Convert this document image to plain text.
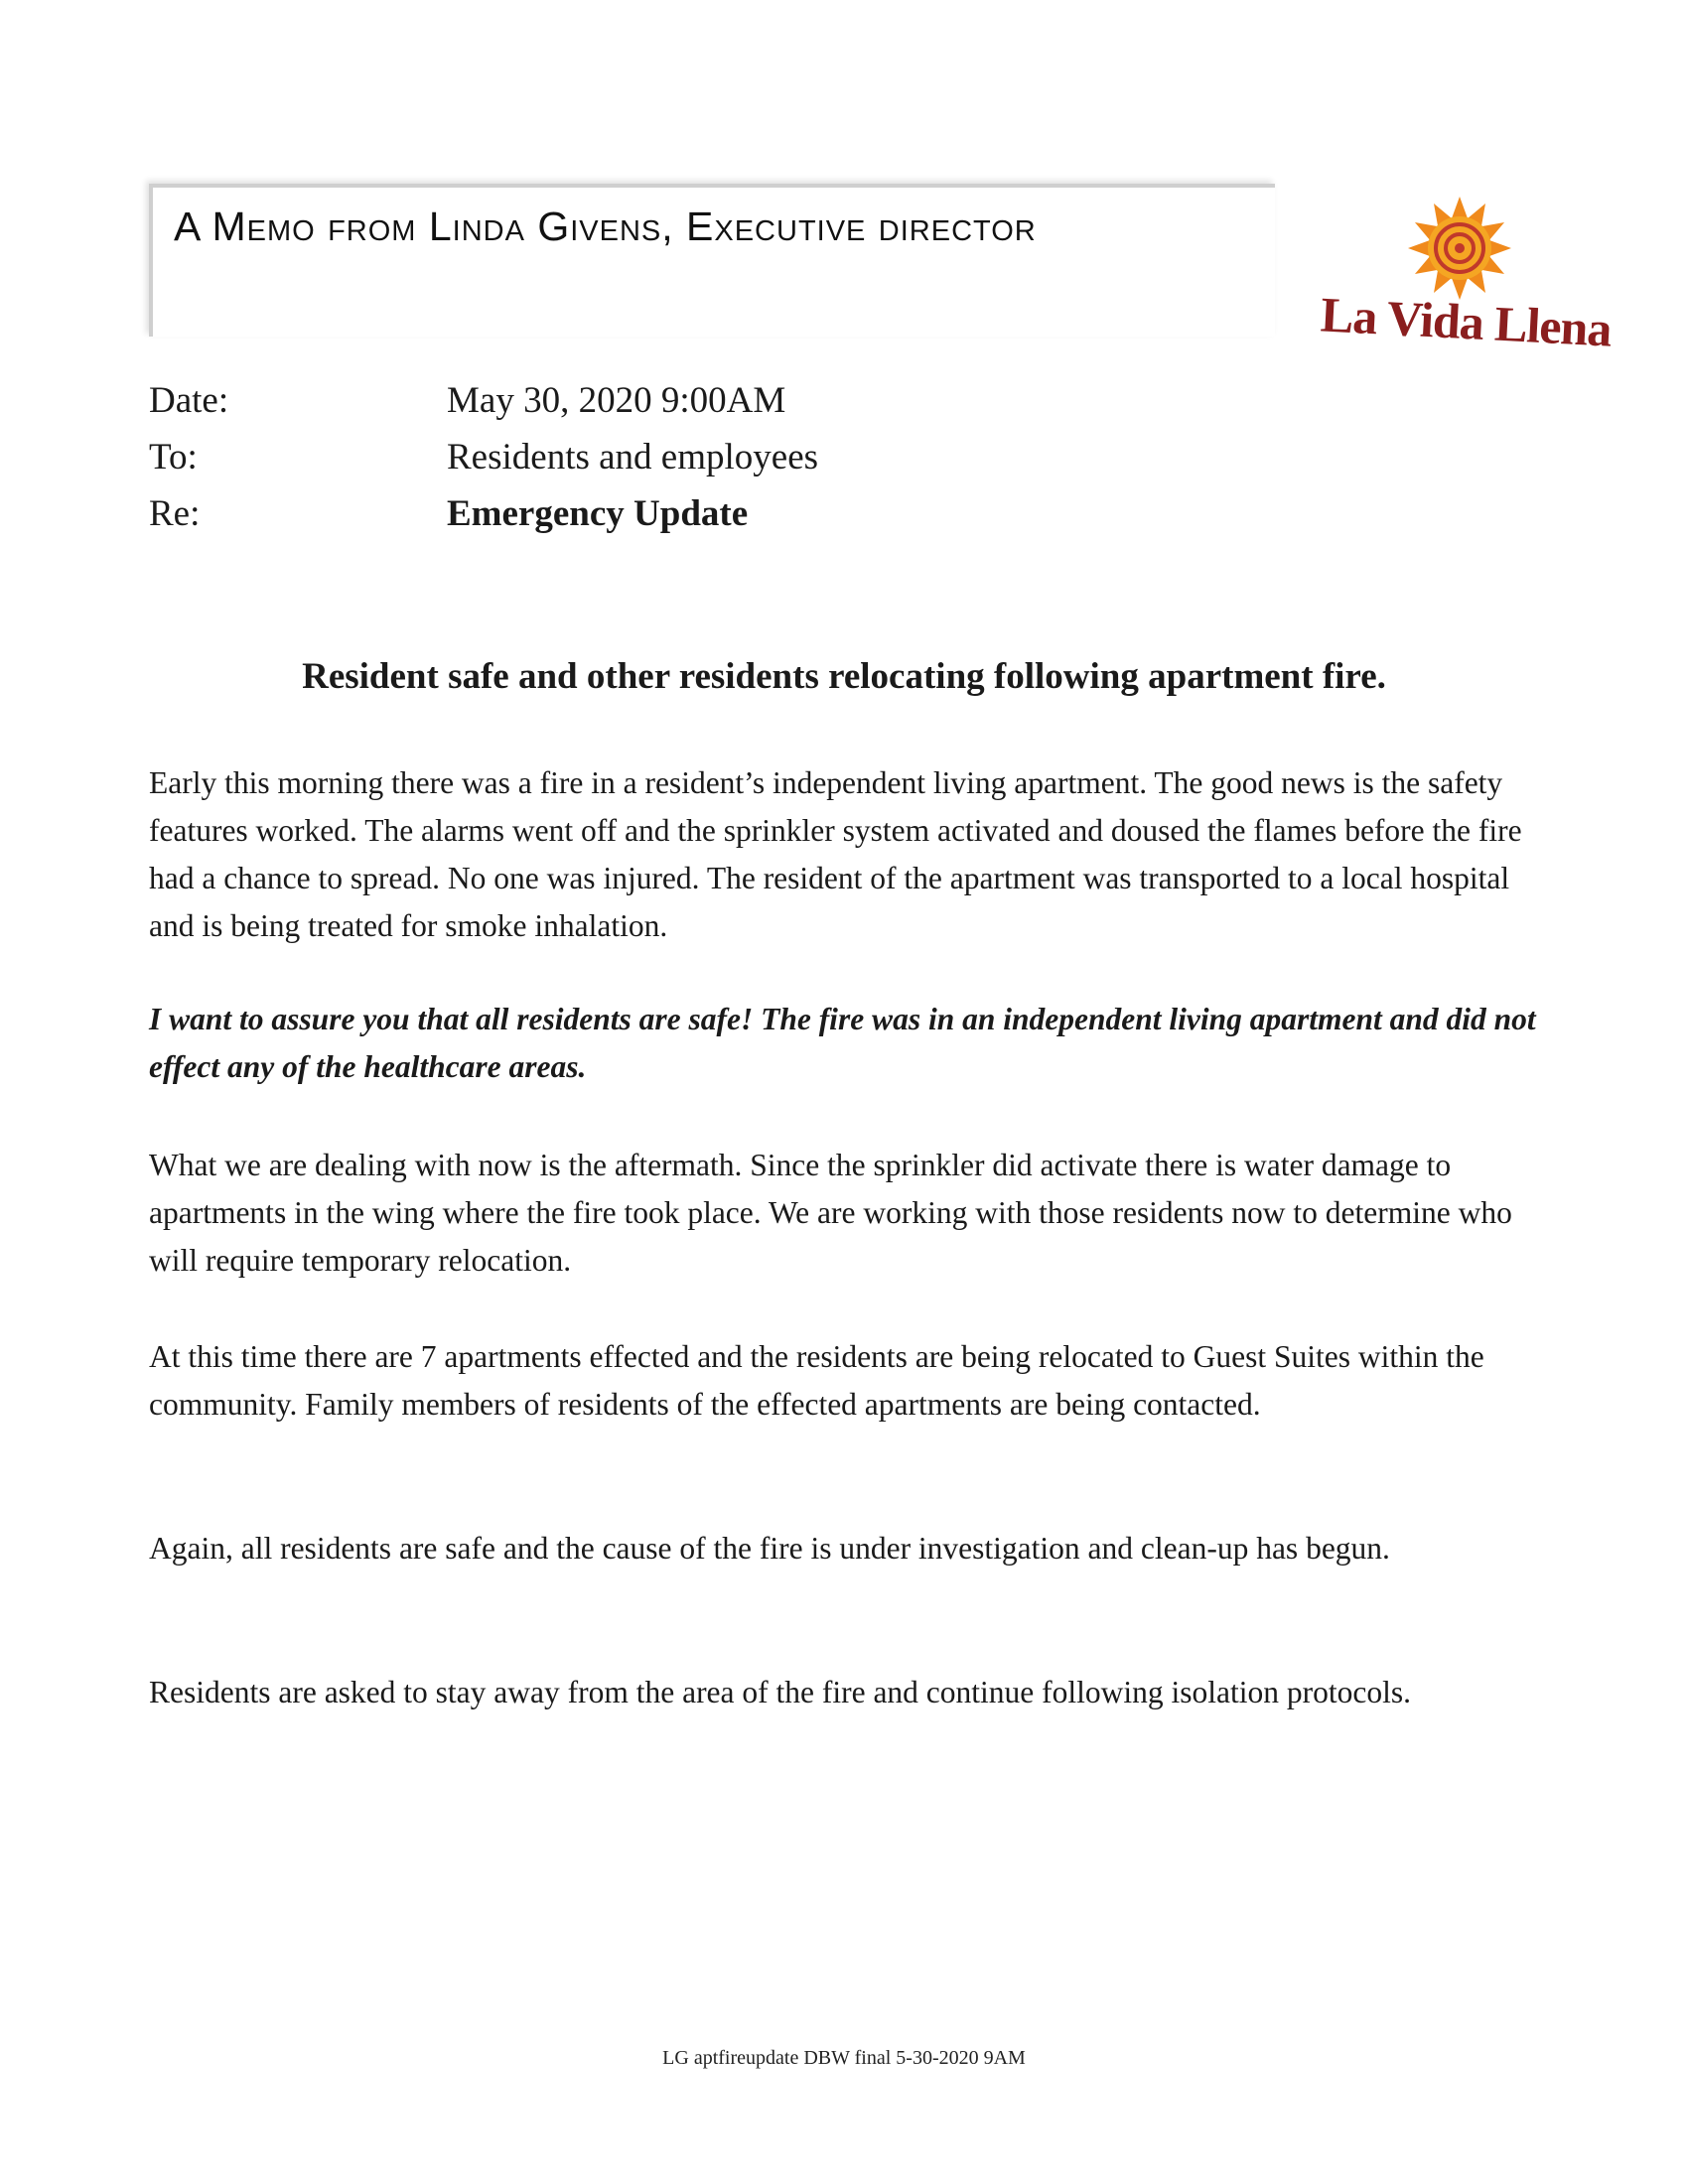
A Memo from Linda Givens, Executive director
La Vida Llena
Date:	May 30, 2020 9:00AM
To:	Residents and employees
Re:	Emergency Update
Resident safe and other residents relocating following apartment fire.

Early this morning there was a fire in a resident’s independent living apartment. The good news is the safety features worked. The alarms went off and the sprinkler system activated and doused the flames before the fire had a chance to spread. No one was injured. The resident of the apartment was transported to a local hospital and is being treated for smoke inhalation.

I want to assure you that all residents are safe! The fire was in an independent living apartment and did not effect any of the healthcare areas.

What we are dealing with now is the aftermath. Since the sprinkler did activate there is water damage to apartments in the wing where the fire took place. We are working with those residents now to determine who will require temporary relocation.

At this time there are 7 apartments effected and the residents are being relocated to Guest Suites within the community. Family members of residents of the effected apartments are being contacted.

Again, all residents are safe and the cause of the fire is under investigation and clean-up has begun.

Residents are asked to stay away from the area of the fire and continue following isolation protocols.

LG aptfireupdate DBW final 5-30-2020 9AM
